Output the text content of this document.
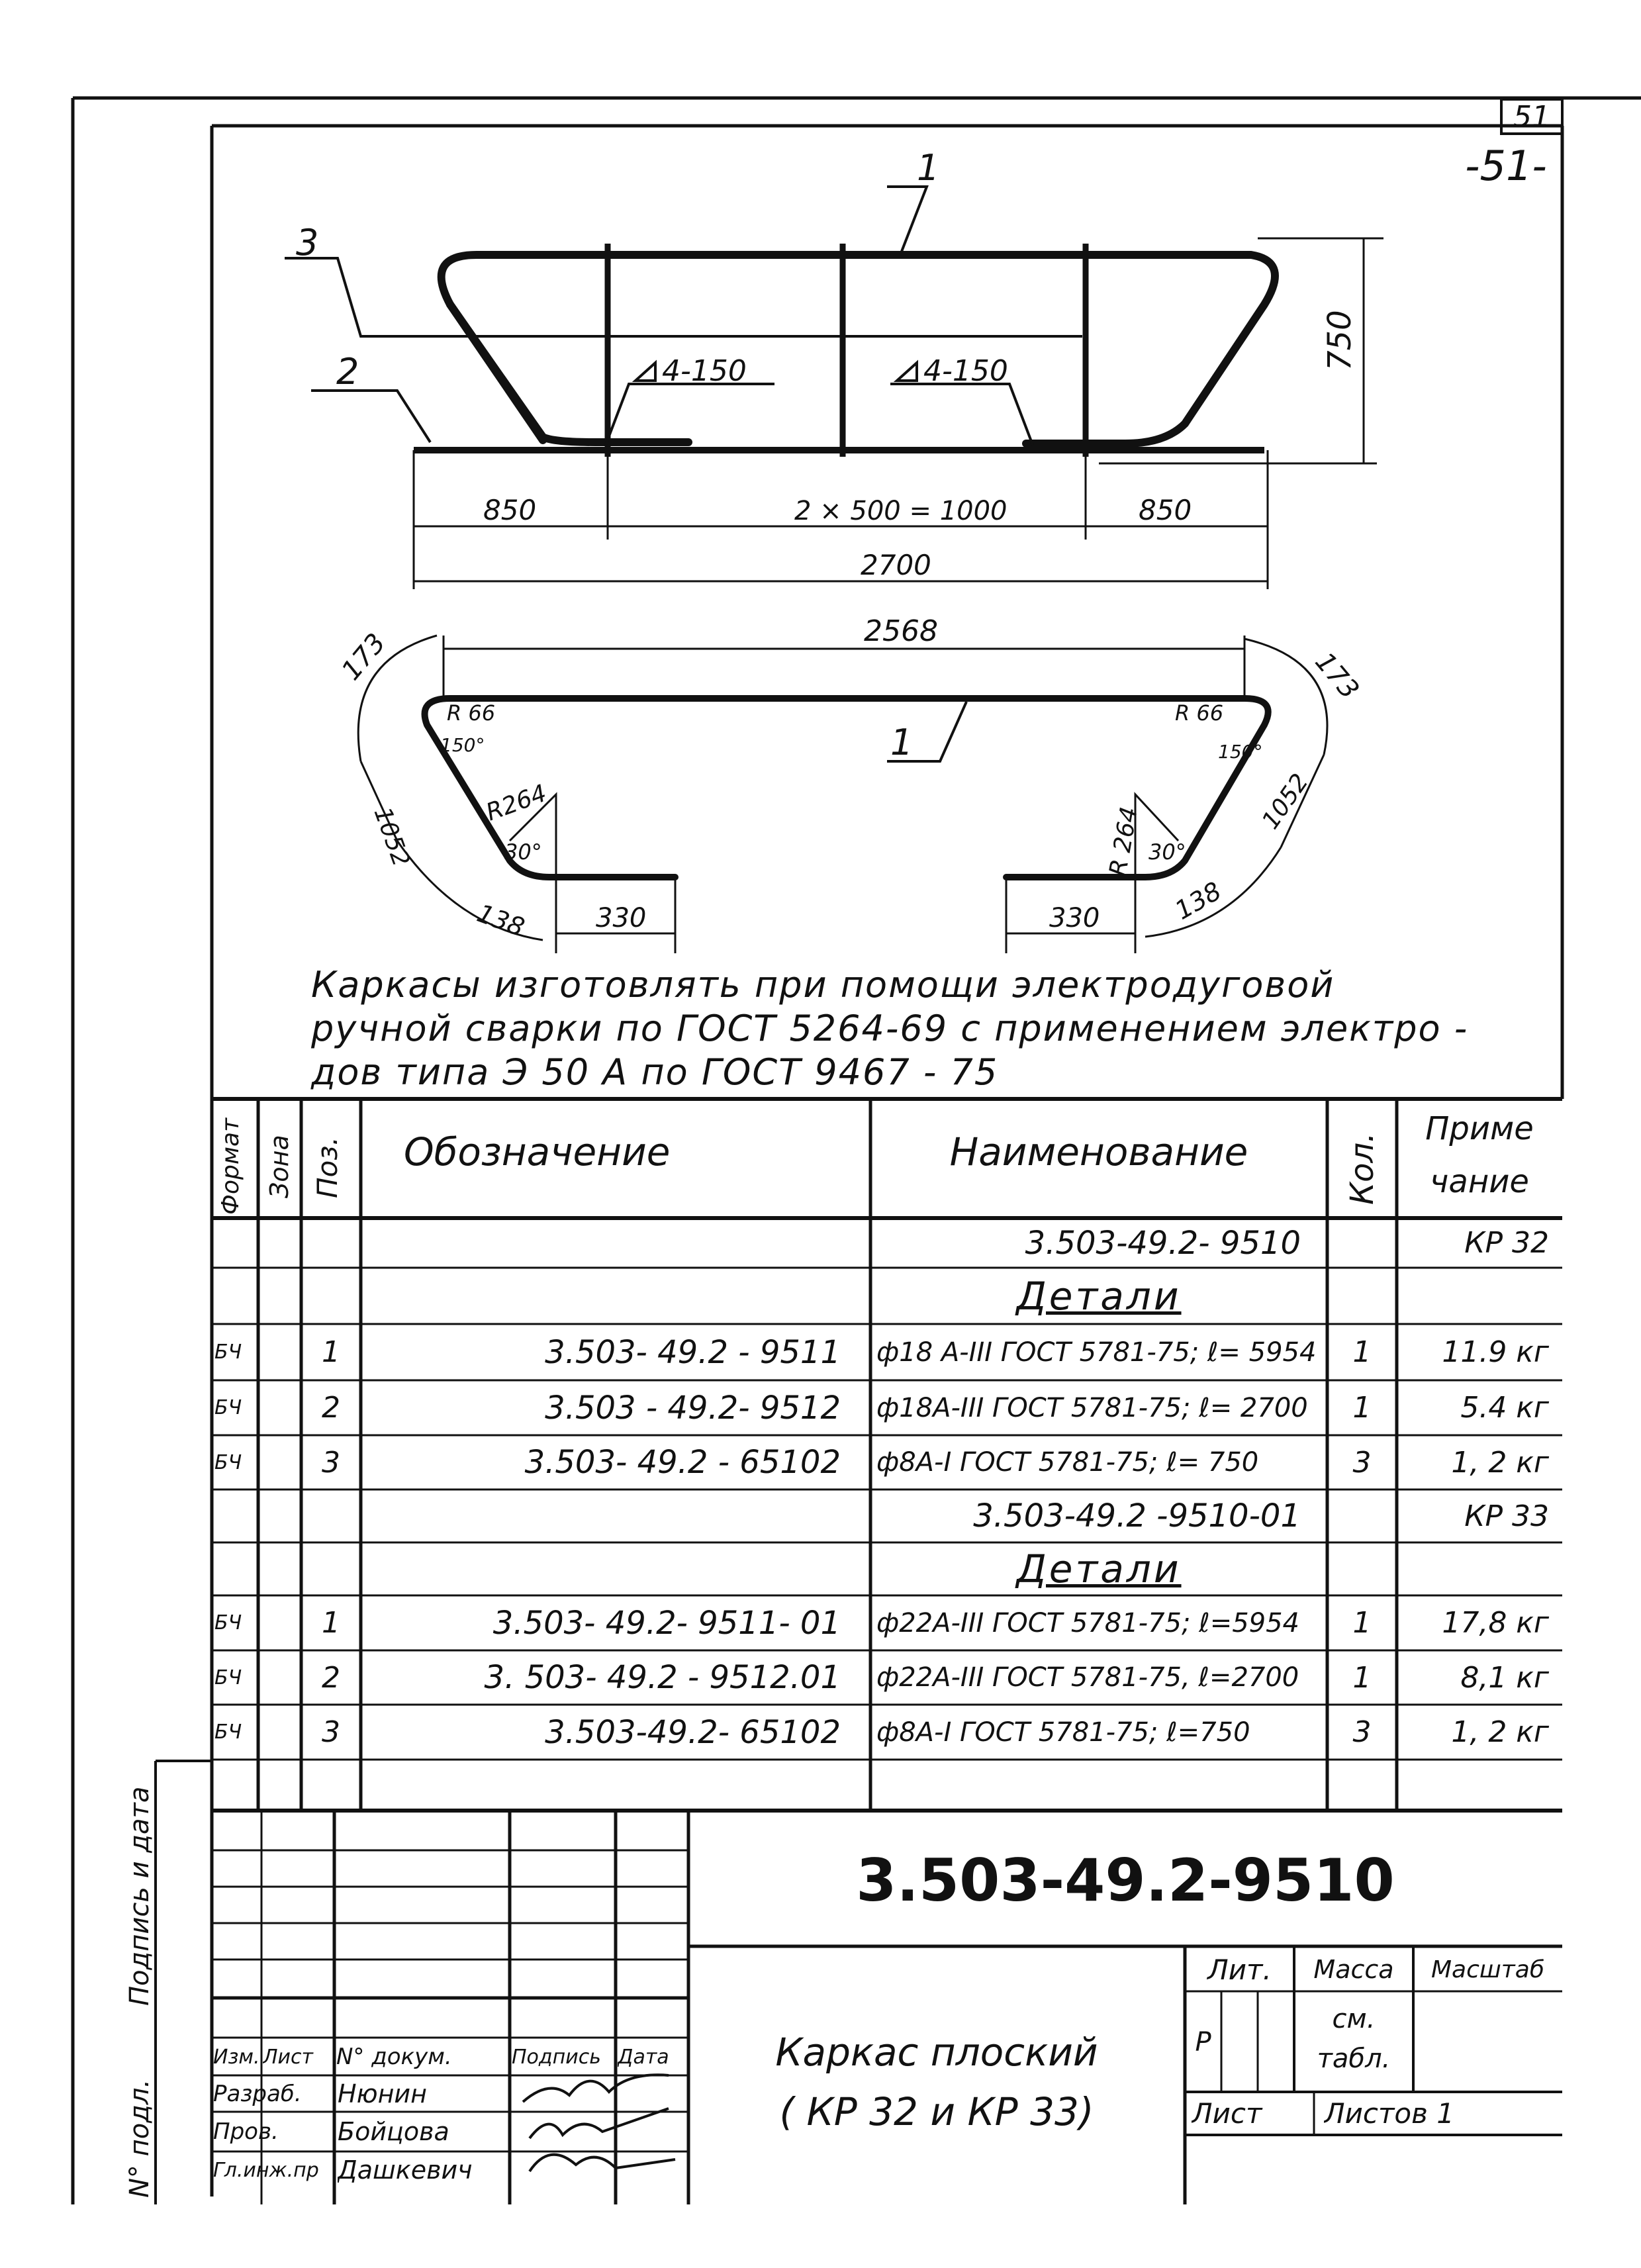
1
3
2	4-150	4-150
750
850	2 × 500 = 1000	850
2700
2568
173	173
R 66	R 66
150°	150°
R264
R 264
30°	30°
1052
1052
138	138
330	330
1
51
-51-
Каркасы изготовлять при помощи электродуговой
ручной сварки по ГОСТ 5264-69 с применением электро -
дов типа Э 50 А по ГОСТ 9467 - 75
Формат Зона Поз. Обозначение	Наименование	Кол.
Приме
чание
3.503-49.2- 9510	КР 32
Детали
БЧ	1	3.503- 49.2 - 9511	ф18 А-III ГОСТ 5781-75; ℓ= 5954	1	11.9 кг
БЧ	2	3.503 - 49.2- 9512	ф18А-III ГОСТ 5781-75; ℓ= 2700	1	5.4 кг
БЧ	3	3.503- 49.2 - 65102	ф8А-I ГОСТ 5781-75; ℓ= 750	3	1, 2 кг
3.503-49.2 -9510-01	КР 33
Детали
БЧ	1	3.503- 49.2- 9511- 01	ф22А-III ГОСТ 5781-75; ℓ=5954	1	17,8 кг
БЧ	2	3. 503- 49.2 - 9512.01	ф22А-III ГОСТ 5781-75, ℓ=2700	1	8,1 кг
БЧ	3	3.503-49.2- 65102	ф8А-I ГОСТ 5781-75; ℓ=750	3	1, 2 кг
3.503-49.2-9510
Каркас плоский
( КР 32 и КР 33)
Изм. Лист	N° докум.	Подпись Дата
Разраб.	Нюнин
Пров.	Бойцова
Гл.инж.пр Дашкевич
Лит.	Масса	Масштаб
Р
см.
табл.
Лист	Листов 1
Подпись и дата
N° подл.
